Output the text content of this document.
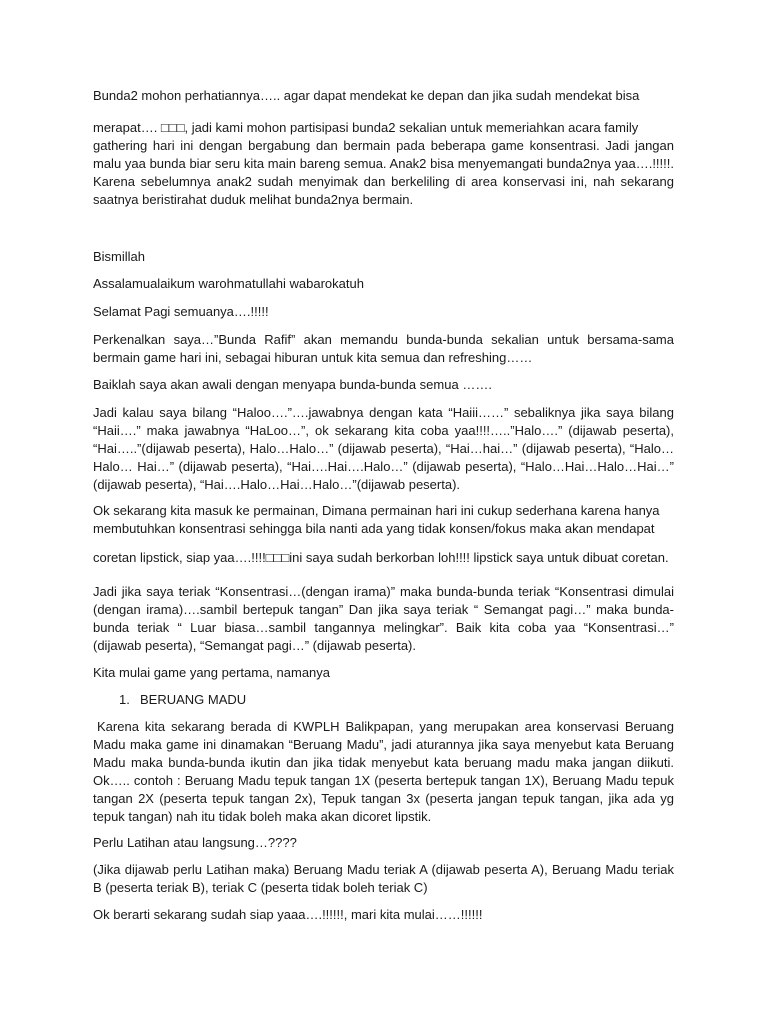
Bunda2 mohon perhatiannya….. agar dapat mendekat ke depan dan jika sudah mendekat bisa

merapat…. □□□, jadi kami mohon partisipasi bunda2 sekalian untuk memeriahkan acara family

gathering hari ini dengan bergabung dan bermain pada beberapa game konsentrasi. Jadi jangan malu yaa bunda biar seru kita main bareng semua. Anak2 bisa menyemangati bunda2nya yaa….!!!!!. Karena sebelumnya anak2 sudah menyimak dan berkeliling di area konservasi ini, nah sekarang saatnya beristirahat duduk melihat bunda2nya bermain.

Bismillah

Assalamualaikum warohmatullahi wabarokatuh

Selamat Pagi semuanya….!!!!!

Perkenalkan saya…”Bunda Rafif” akan memandu bunda-bunda sekalian untuk bersama-sama bermain game hari ini, sebagai hiburan untuk kita semua dan refreshing……

Baiklah saya akan awali dengan menyapa bunda-bunda semua …….

Jadi kalau saya bilang “Haloo….”….jawabnya dengan kata “Haiii……” sebaliknya jika saya bilang “Haii….” maka jawabnya “HaLoo…”, ok sekarang kita coba yaa!!!!…..”Halo….” (dijawab peserta), “Hai…..”(dijawab peserta), Halo…Halo…” (dijawab peserta), “Hai…hai…” (dijawab peserta), “Halo… Halo… Hai…” (dijawab peserta), “Hai….Hai….Halo…” (dijawab peserta), “Halo…Hai…Halo…Hai…” (dijawab peserta), “Hai….Halo…Hai…Halo…”(dijawab peserta).

Ok sekarang kita masuk ke permainan, Dimana permainan hari ini cukup sederhana karena hanya

membutuhkan konsentrasi sehingga bila nanti ada yang tidak konsen/fokus maka akan mendapat

coretan lipstick, siap yaa….!!!!□□□ini saya sudah berkorban loh!!!! lipstick saya untuk dibuat coretan.

Jadi jika saya teriak “Konsentrasi…(dengan irama)” maka bunda-bunda teriak “Konsentrasi dimulai (dengan irama)….sambil bertepuk tangan” Dan jika saya teriak “ Semangat pagi…” maka bunda-bunda teriak “ Luar biasa…sambil tangannya melingkar”. Baik kita coba yaa “Konsentrasi…” (dijawab peserta), “Semangat pagi…” (dijawab peserta).

Kita mulai game yang pertama, namanya

1. BERUANG MADU

Karena kita sekarang berada di KWPLH Balikpapan, yang merupakan area konservasi Beruang Madu maka game ini dinamakan “Beruang Madu”, jadi aturannya jika saya menyebut kata Beruang Madu maka bunda-bunda ikutin dan jika tidak menyebut kata beruang madu maka jangan diikuti. Ok….. contoh : Beruang Madu tepuk tangan 1X (peserta bertepuk tangan 1X), Beruang Madu tepuk tangan 2X (peserta tepuk tangan 2x), Tepuk tangan 3x (peserta jangan tepuk tangan, jika ada yg tepuk tangan) nah itu tidak boleh maka akan dicoret lipstik.

Perlu Latihan atau langsung…????

(Jika dijawab perlu Latihan maka) Beruang Madu teriak A (dijawab peserta A), Beruang Madu teriak B (peserta teriak B), teriak C (peserta tidak boleh teriak C)

Ok berarti sekarang sudah siap yaaa….!!!!!!, mari kita mulai……!!!!!!
